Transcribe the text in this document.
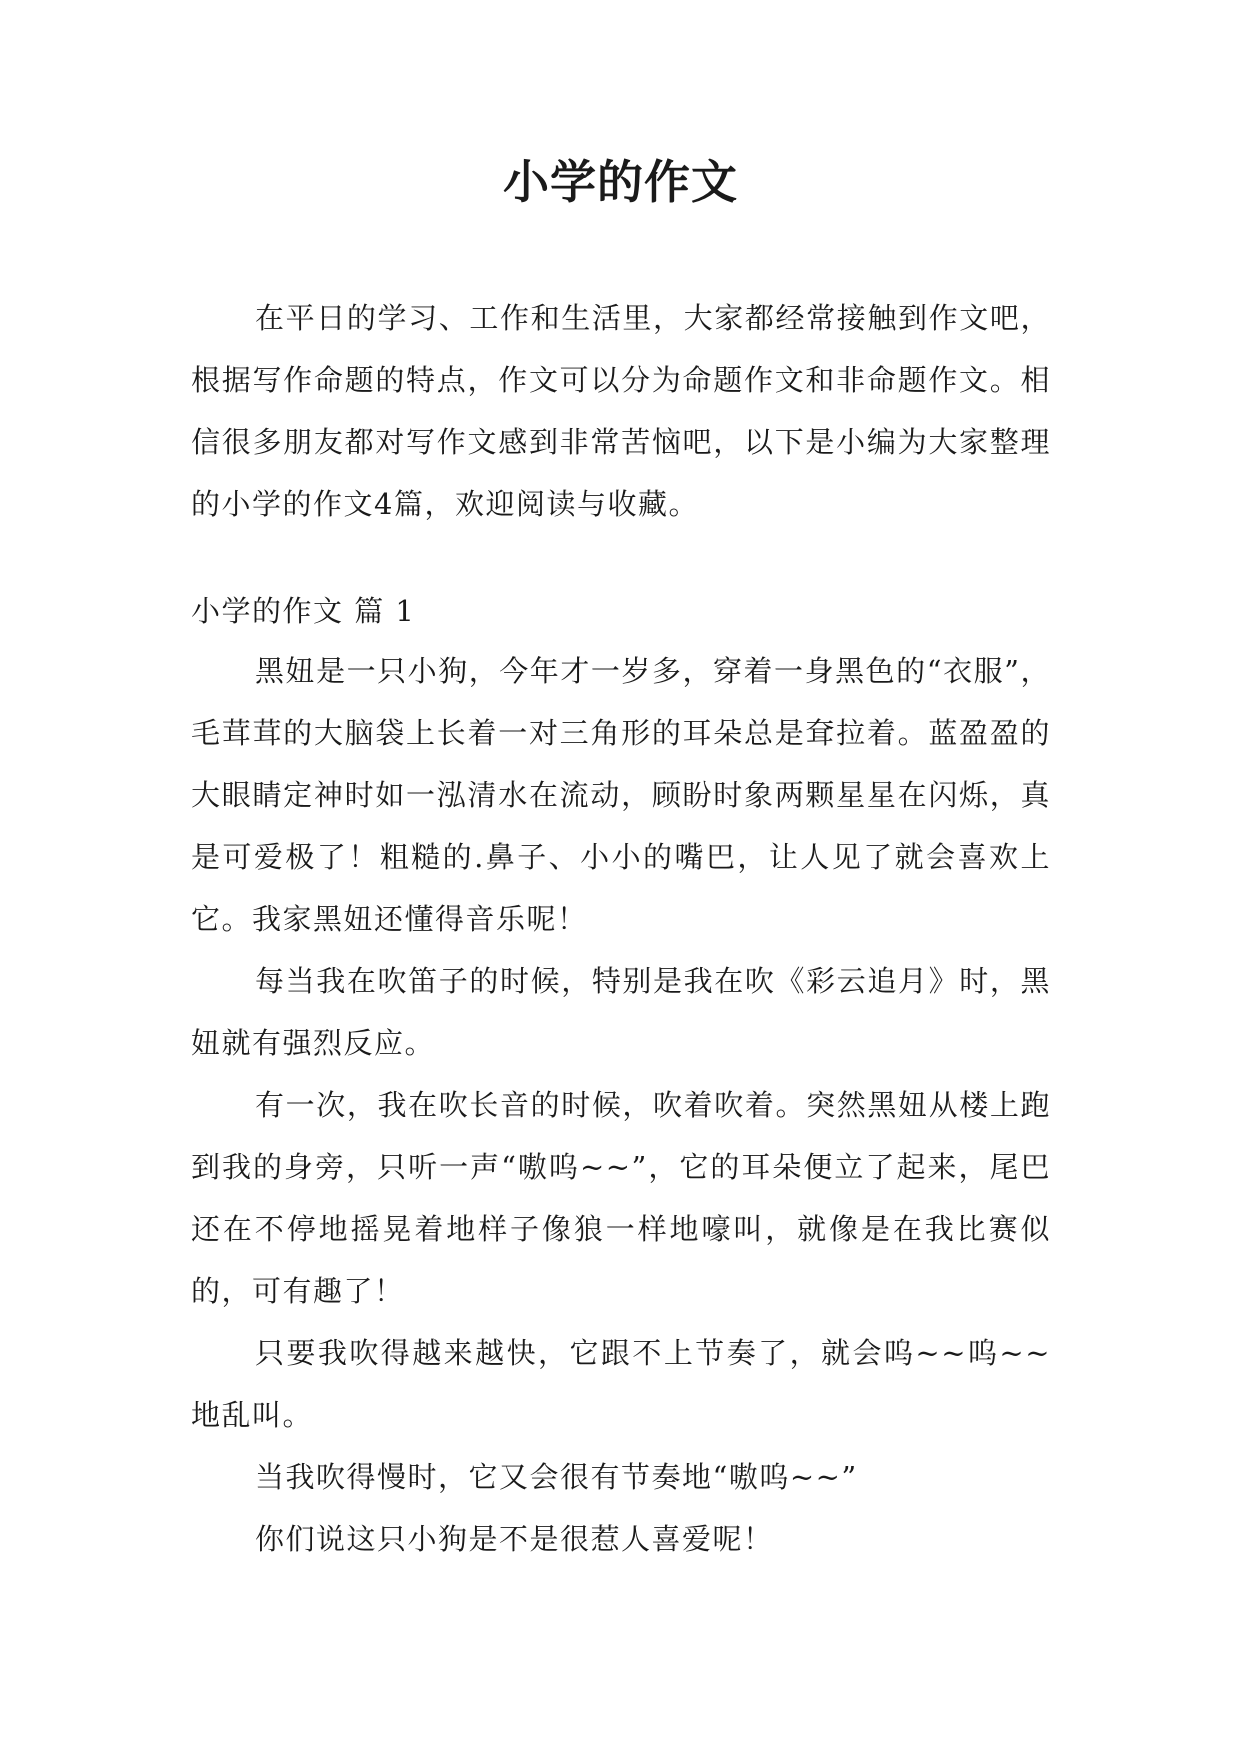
小学的作文

在平日的学习、工作和生活里，大家都经常接触到作文吧，根据写作命题的特点，作文可以分为命题作文和非命题作文。相信很多朋友都对写作文感到非常苦恼吧，以下是小编为大家整理的小学的作文4篇，欢迎阅读与收藏。

小学的作文 篇 1

黑妞是一只小狗，今年才一岁多，穿着一身黑色的“衣服”，毛茸茸的大脑袋上长着一对三角形的耳朵总是耷拉着。蓝盈盈的大眼睛定神时如一泓清水在流动，顾盼时象两颗星星在闪烁，真是可爱极了！粗糙的.鼻子、小小的嘴巴，让人见了就会喜欢上它。我家黑妞还懂得音乐呢！

每当我在吹笛子的时候，特别是我在吹《彩云追月》时，黑妞就有强烈反应。

有一次，我在吹长音的时候，吹着吹着。突然黑妞从楼上跑到我的身旁，只听一声“嗷呜~~”，它的耳朵便立了起来，尾巴还在不停地摇晃着地样子像狼一样地嚎叫，就像是在我比赛似的，可有趣了！

只要我吹得越来越快，它跟不上节奏了，就会呜~~呜~~地乱叫。

当我吹得慢时，它又会很有节奏地“嗷呜~~”

你们说这只小狗是不是很惹人喜爱呢！
